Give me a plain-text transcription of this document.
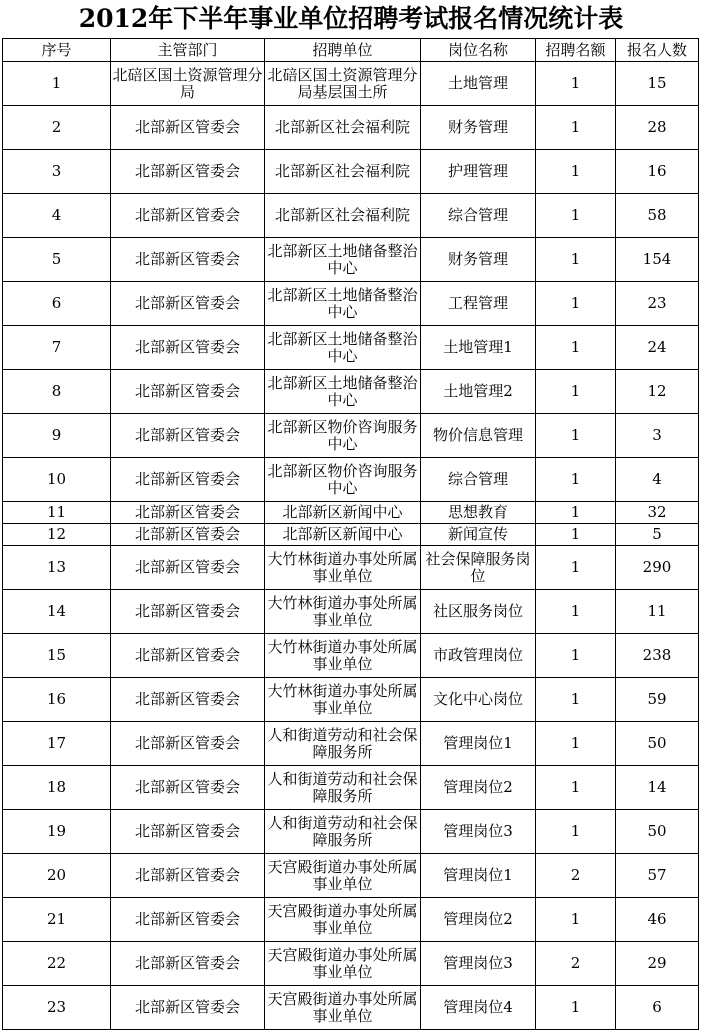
2012年下半年事业单位招聘考试报名情况统计表
序号	主管部门	招聘单位	岗位名称	招聘名额	报名人数
1	北碚区国土资源管理分局	北碚区国土资源管理分局基层国土所	土地管理	1	15
2	北部新区管委会	北部新区社会福利院	财务管理	1	28
3	北部新区管委会	北部新区社会福利院	护理管理	1	16
4	北部新区管委会	北部新区社会福利院	综合管理	1	58
5	北部新区管委会	北部新区土地储备整治中心	财务管理	1	154
6	北部新区管委会	北部新区土地储备整治中心	工程管理	1	23
7	北部新区管委会	北部新区土地储备整治中心	土地管理1	1	24
8	北部新区管委会	北部新区土地储备整治中心	土地管理2	1	12
9	北部新区管委会	北部新区物价咨询服务中心	物价信息管理	1	3
10	北部新区管委会	北部新区物价咨询服务中心	综合管理	1	4
11	北部新区管委会	北部新区新闻中心	思想教育	1	32
12	北部新区管委会	北部新区新闻中心	新闻宣传	1	5
13	北部新区管委会	大竹林街道办事处所属事业单位	社会保障服务岗位	1	290
14	北部新区管委会	大竹林街道办事处所属事业单位	社区服务岗位	1	11
15	北部新区管委会	大竹林街道办事处所属事业单位	市政管理岗位	1	238
16	北部新区管委会	大竹林街道办事处所属事业单位	文化中心岗位	1	59
17	北部新区管委会	人和街道劳动和社会保障服务所	管理岗位1	1	50
18	北部新区管委会	人和街道劳动和社会保障服务所	管理岗位2	1	14
19	北部新区管委会	人和街道劳动和社会保障服务所	管理岗位3	1	50
20	北部新区管委会	天宫殿街道办事处所属事业单位	管理岗位1	2	57
21	北部新区管委会	天宫殿街道办事处所属事业单位	管理岗位2	1	46
22	北部新区管委会	天宫殿街道办事处所属事业单位	管理岗位3	2	29
23	北部新区管委会	天宫殿街道办事处所属事业单位	管理岗位4	1	6
